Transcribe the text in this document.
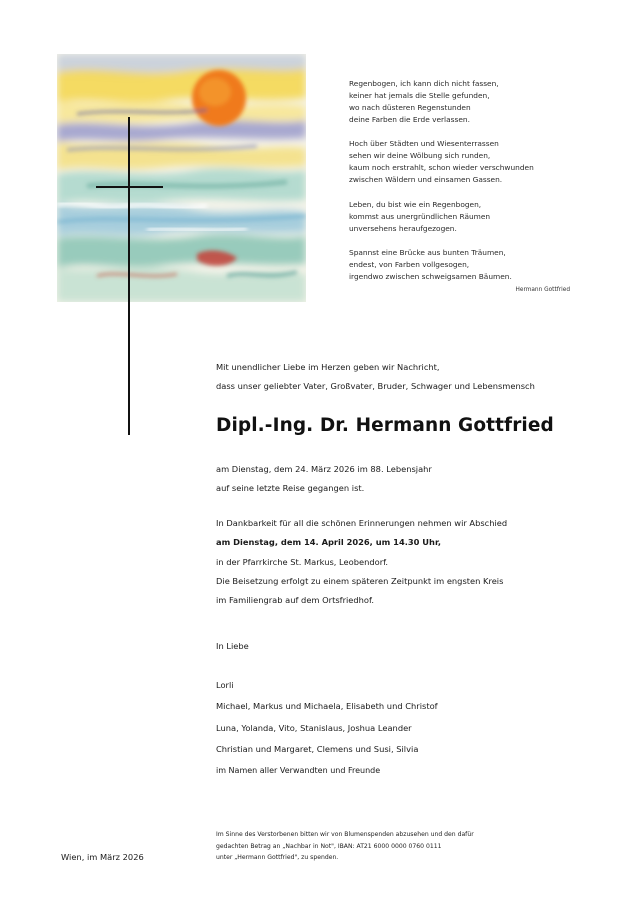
Regenbogen, ich kann dich nicht fassen,
keiner hat jemals die Stelle gefunden,
wo nach düsteren Regenstunden
deine Farben die Erde verlassen.
Hoch über Städten und Wiesenterrassen
sehen wir deine Wölbung sich runden,
kaum noch erstrahlt, schon wieder verschwunden
zwischen Wäldern und einsamen Gassen.
Leben, du bist wie ein Regenbogen,
kommst aus unergründlichen Räumen
unversehens heraufgezogen.
Spannst eine Brücke aus bunten Träumen,
endest, von Farben vollgesogen,
irgendwo zwischen schweigsamen Bäumen.
Hermann Gottfried
Mit unendlicher Liebe im Herzen geben wir Nachricht,
dass unser geliebter Vater, Großvater, Bruder, Schwager und Lebensmensch
Dipl.-Ing. Dr. Hermann Gottfried
am Dienstag, dem 24. März 2026 im 88. Lebensjahr
auf seine letzte Reise gegangen ist.
In Dankbarkeit für all die schönen Erinnerungen nehmen wir Abschied
am Dienstag, dem 14. April 2026, um 14.30 Uhr,
in der Pfarrkirche St. Markus, Leobendorf.
Die Beisetzung erfolgt zu einem späteren Zeitpunkt im engsten Kreis
im Familiengrab auf dem Ortsfriedhof.
In Liebe
Lorli
Michael, Markus und Michaela, Elisabeth und Christof
Luna, Yolanda, Vito, Stanislaus, Joshua Leander
Christian und Margaret, Clemens und Susi, Silvia
im Namen aller Verwandten und Freunde
Im Sinne des Verstorbenen bitten wir von Blumenspenden abzusehen und den dafür
gedachten Betrag an „Nachbar in Not", IBAN: AT21 6000 0000 0760 0111
unter „Hermann Gottfried", zu spenden.
Wien, im März 2026
